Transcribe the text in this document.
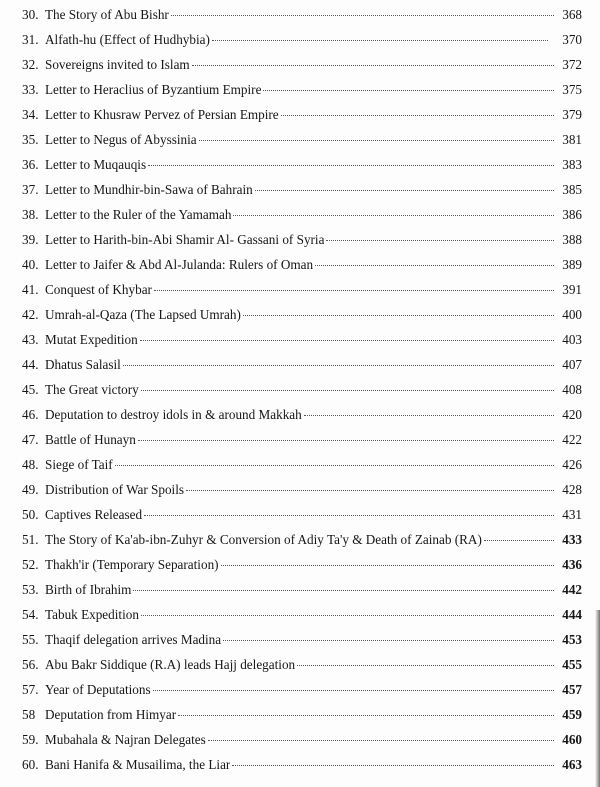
30. The Story of Abu Bishr	368
31. Alfath-hu (Effect of Hudhybia)	370
32. Sovereigns invited to Islam	372
33. Letter to Heraclius of Byzantium Empire	375
34. Letter to Khusraw Pervez of Persian Empire	379
35. Letter to Negus of Abyssinia	381
36. Letter to Muqauqis	383
37. Letter to Mundhir-bin-Sawa of Bahrain	385
38. Letter to the Ruler of the Yamamah	386
39. Letter to Harith-bin-Abi Shamir Al- Gassani of Syria	388
40. Letter to Jaifer & Abd Al-Julanda: Rulers of Oman	389
41. Conquest of Khybar	391
42. Umrah-al-Qaza (The Lapsed Umrah)	400
43. Mutat Expedition	403
44. Dhatus Salasil	407
45. The Great victory	408
46. Deputation to destroy idols in & around Makkah	420
47. Battle of Hunayn	422
48. Siege of Taif	426
49. Distribution of War Spoils	428
50. Captives Released	431
51. The Story of Ka'ab-ibn-Zuhyr & Conversion of Adiy Ta'y & Death of Zainab (RA)	433
52. Thakh'ir (Temporary Separation)	436
53. Birth of Ibrahim	442
54. Tabuk Expedition	444
55. Thaqif delegation arrives Madina	453
56. Abu Bakr Siddique (R.A) leads Hajj delegation	455
57. Year of Deputations	457
58 Deputation from Himyar	459
59. Mubahala & Najran Delegates	460
60. Bani Hanifa & Musailima, the Liar	463
